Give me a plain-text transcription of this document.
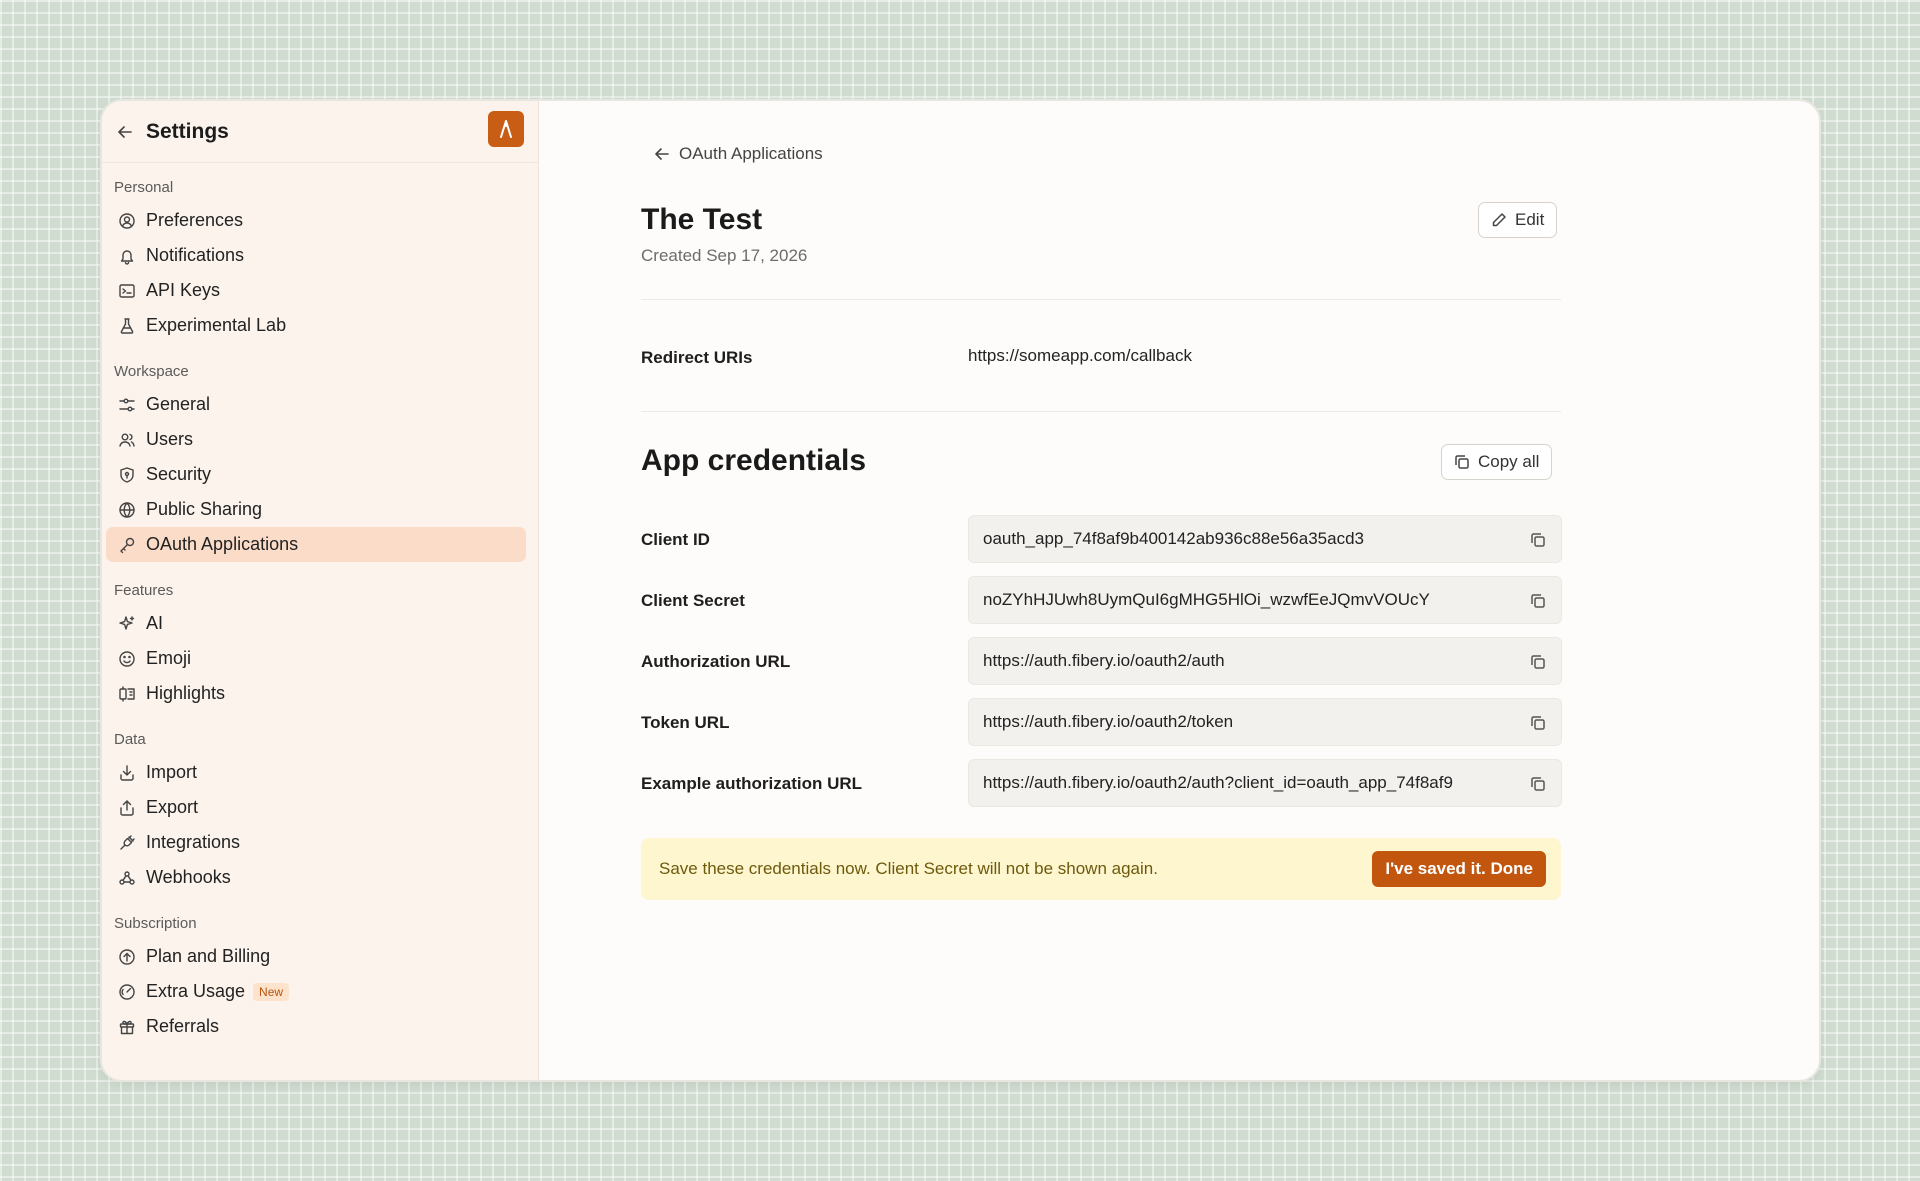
Settings
Personal
Preferences
Notifications
API Keys
Experimental Lab
Workspace
General
Users
Security
Public Sharing
OAuth Applications
Features
AI
Emoji
Highlights
Data
Import
Export
Integrations
Webhooks
Subscription
Plan and Billing
Extra Usage	New
Referrals
OAuth Applications
The Test
Created Sep 17, 2026
Edit
Redirect URIs	https://someapp.com/callback
App credentials	Copy all
Client ID	oauth_app_74f8af9b400142ab936c88e56a35acd3
Client Secret	noZYhHJUwh8UymQuI6gMHG5HlOi_wzwfEeJQmvVOUcY
Authorization URL	https://auth.fibery.io/oauth2/auth
Token URL	https://auth.fibery.io/oauth2/token
Example authorization URL	https://auth.fibery.io/oauth2/auth?client_id=oauth_app_74f8af9
Save these credentials now. Client Secret will not be shown again.	I've saved it. Done
